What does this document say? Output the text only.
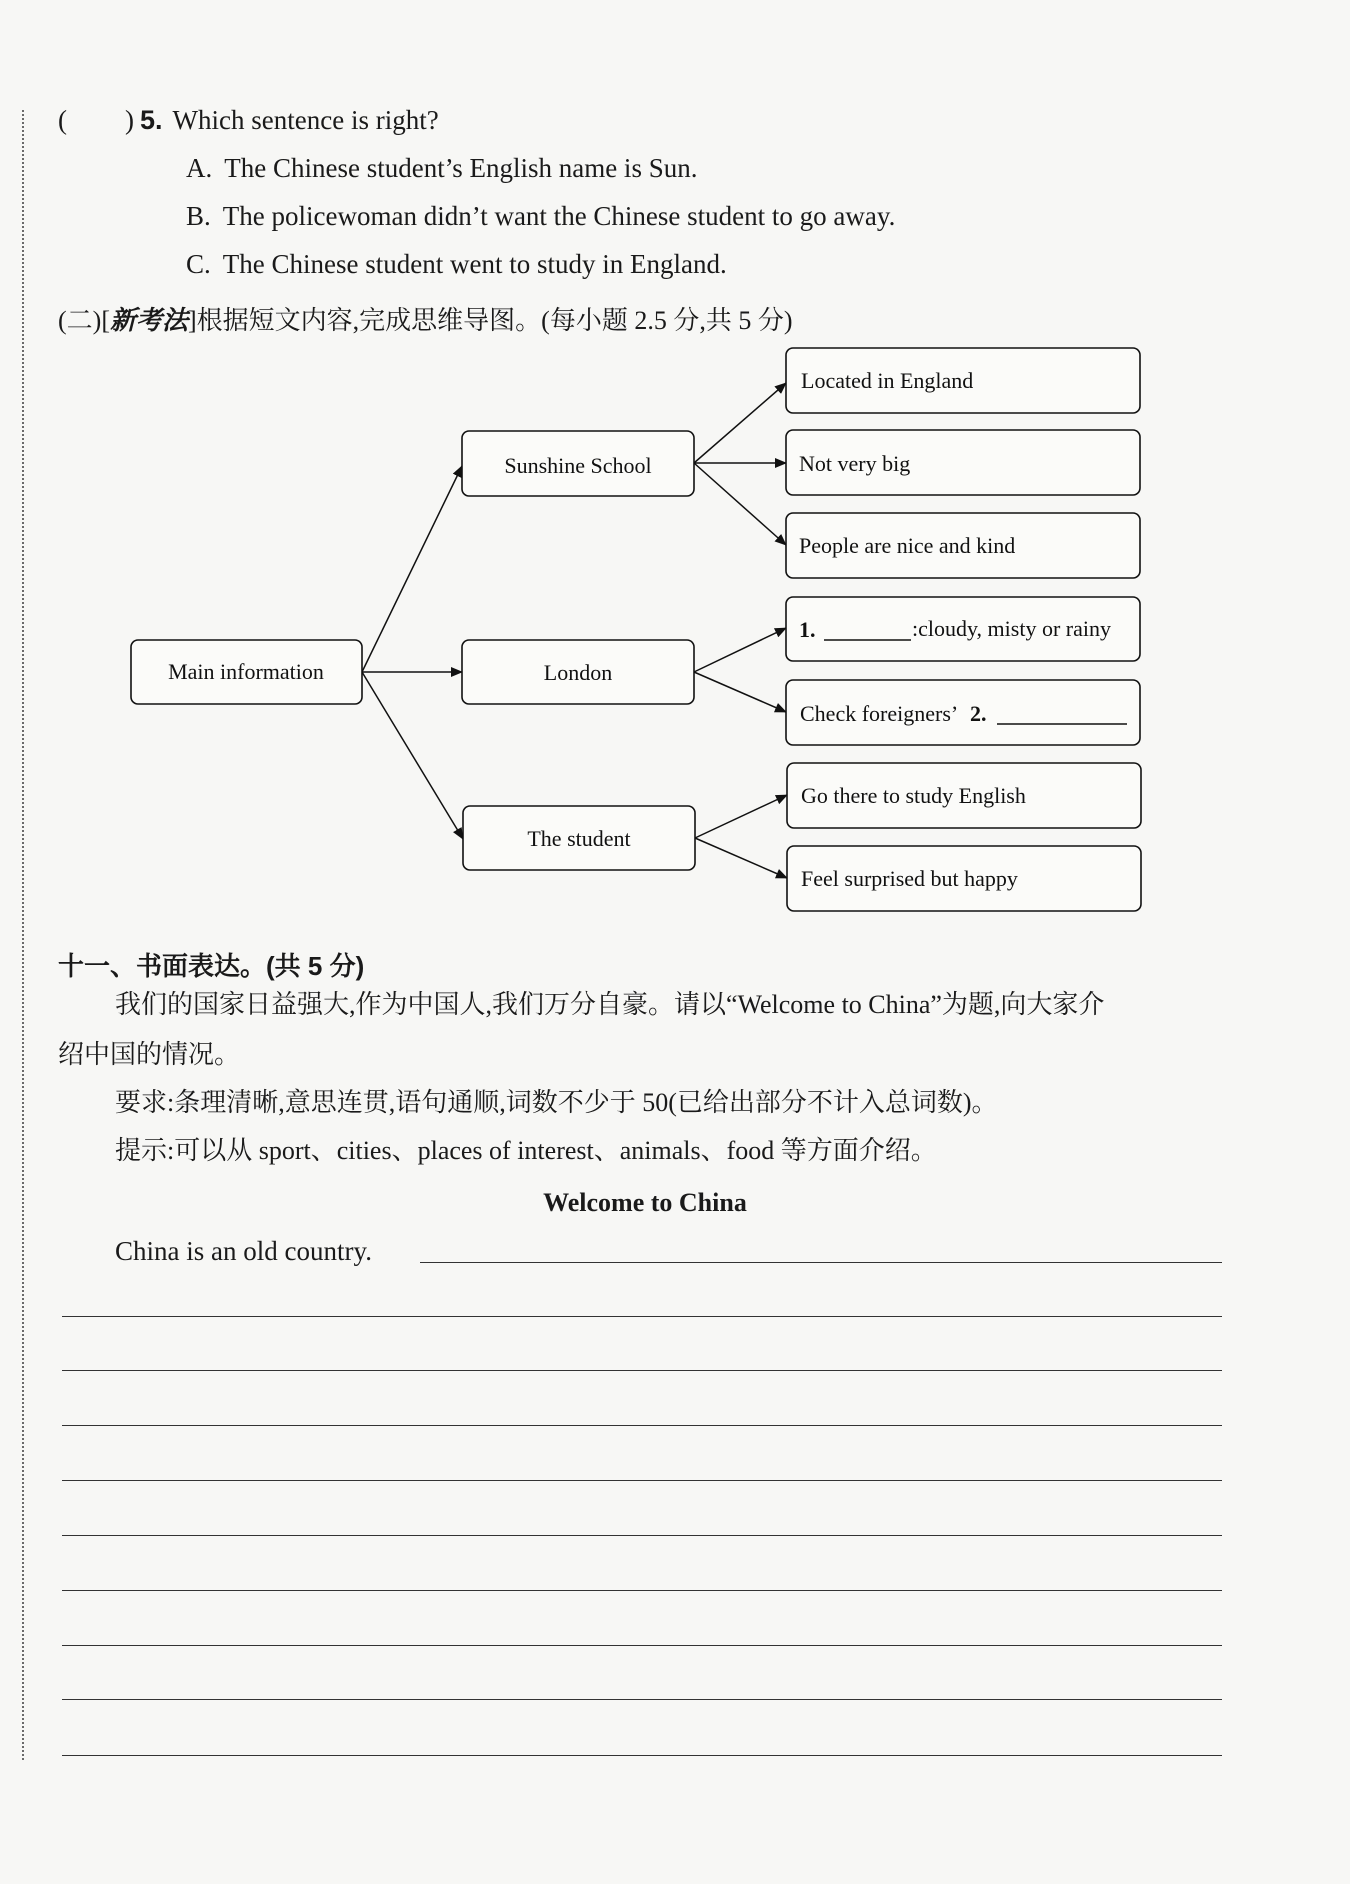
( ) 5. Which sentence is right?
A. The Chinese student’s English name is Sun.
B. The policewoman didn’t want the Chinese student to go away.
C. The Chinese student went to study in England.
(二)[新考法]根据短文内容,完成思维导图。(每小题 2.5 分,共 5 分)
Main information
Sunshine School
London
The student
Located in England
Not very big
People are nice and kind
1.	:cloudy, misty or rainy
Check foreigners’ 2.
Go there to study English
Feel surprised but happy
十一、书面表达。(共 5 分)
我们的国家日益强大,作为中国人,我们万分自豪。请以“Welcome to China”为题,向大家介
绍中国的情况。
要求:条理清晰,意思连贯,语句通顺,词数不少于 50(已给出部分不计入总词数)。
提示:可以从 sport、cities、places of interest、animals、food 等方面介绍。
Welcome to China
China is an old country.
